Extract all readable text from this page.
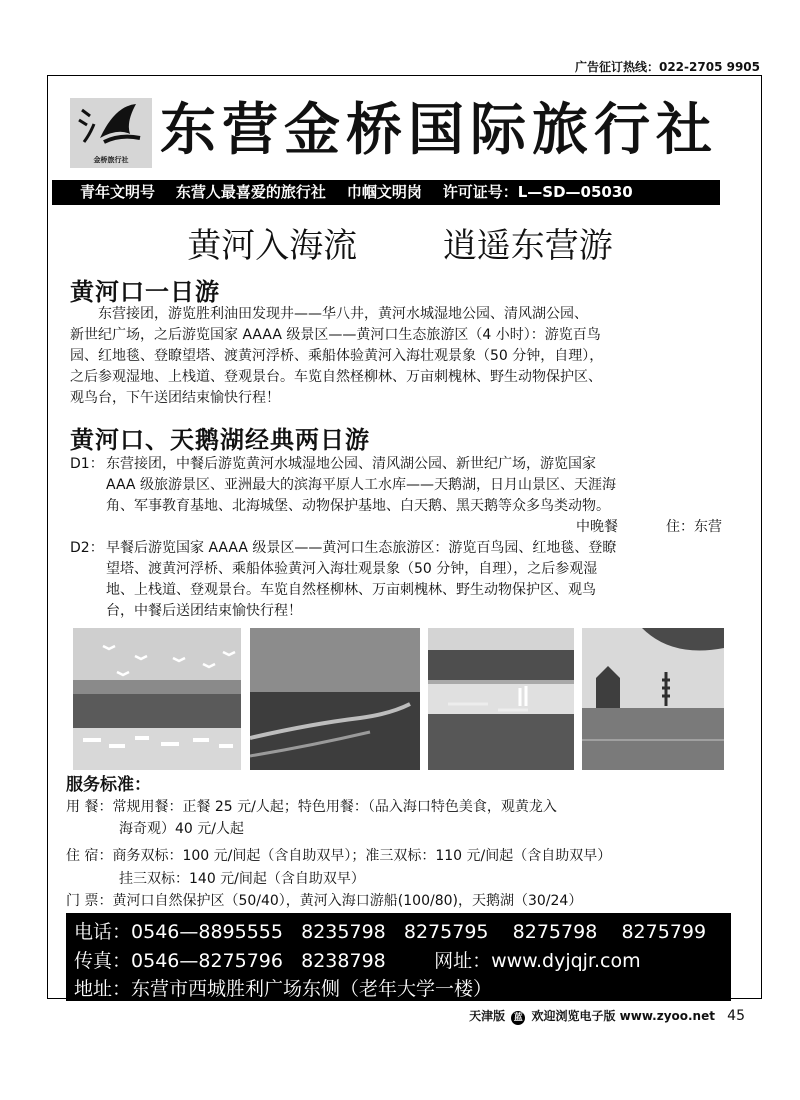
广告征订热线：022-2705 9905
金桥旅行社 东营金桥国际旅行社
青年文明号 东营人最喜爱的旅行社 巾帼文明岗 许可证号：L—SD—05030
黄河入海流	逍遥东营游
黄河口一日游
东营接团，游览胜利油田发现井——华八井，黄河水城湿地公园、清风湖公园、
新世纪广场，之后游览国家 AAAA 级景区——黄河口生态旅游区（4 小时）：游览百鸟
园、红地毯、登瞭望塔、渡黄河浮桥、乘船体验黄河入海壮观景象（50 分钟，自理），
之后参观湿地、上栈道、登观景台。车览自然柽柳林、万亩刺槐林、野生动物保护区、
观鸟台，下午送团结束愉快行程！
黄河口、天鹅湖经典两日游
D1： 东营接团，中餐后游览黄河水城湿地公园、清风湖公园、新世纪广场，游览国家
AAA 级旅游景区、亚洲最大的滨海平原人工水库——天鹅湖，日月山景区、天涯海
角、军事教育基地、北海城堡、动物保护基地、白天鹅、黑天鹅等众多鸟类动物。
中晚餐	住：东营
D2： 早餐后游览国家 AAAA 级景区——黄河口生态旅游区：游览百鸟园、红地毯、登瞭
望塔、渡黄河浮桥、乘船体验黄河入海壮观景象（50 分钟，自理），之后参观湿
地、上栈道、登观景台。车览自然柽柳林、万亩刺槐林、野生动物保护区、观鸟
台，中餐后送团结束愉快行程！
服务标准：
用 餐：常规用餐：正餐 25 元/人起；特色用餐：（品入海口特色美食，观黄龙入
海奇观）40 元/人起
住 宿：商务双标：100 元/间起（含自助双早）；准三双标：110 元/间起（含自助双早）
挂三双标：140 元/间起（含自助双早）
门 票：黄河口自然保护区（50/40），黄河入海口游船(100/80)，天鹅湖（30/24）
电话：0546—8895555 8235798 8275795 8275798 8275799
传真：0546—8275796 8238798	网址：www.dyjqjr.com
地址：东营市西城胜利广场东侧（老年大学一楼）
天津版 蓝 欢迎浏览电子版 www.zyoo.net 45
